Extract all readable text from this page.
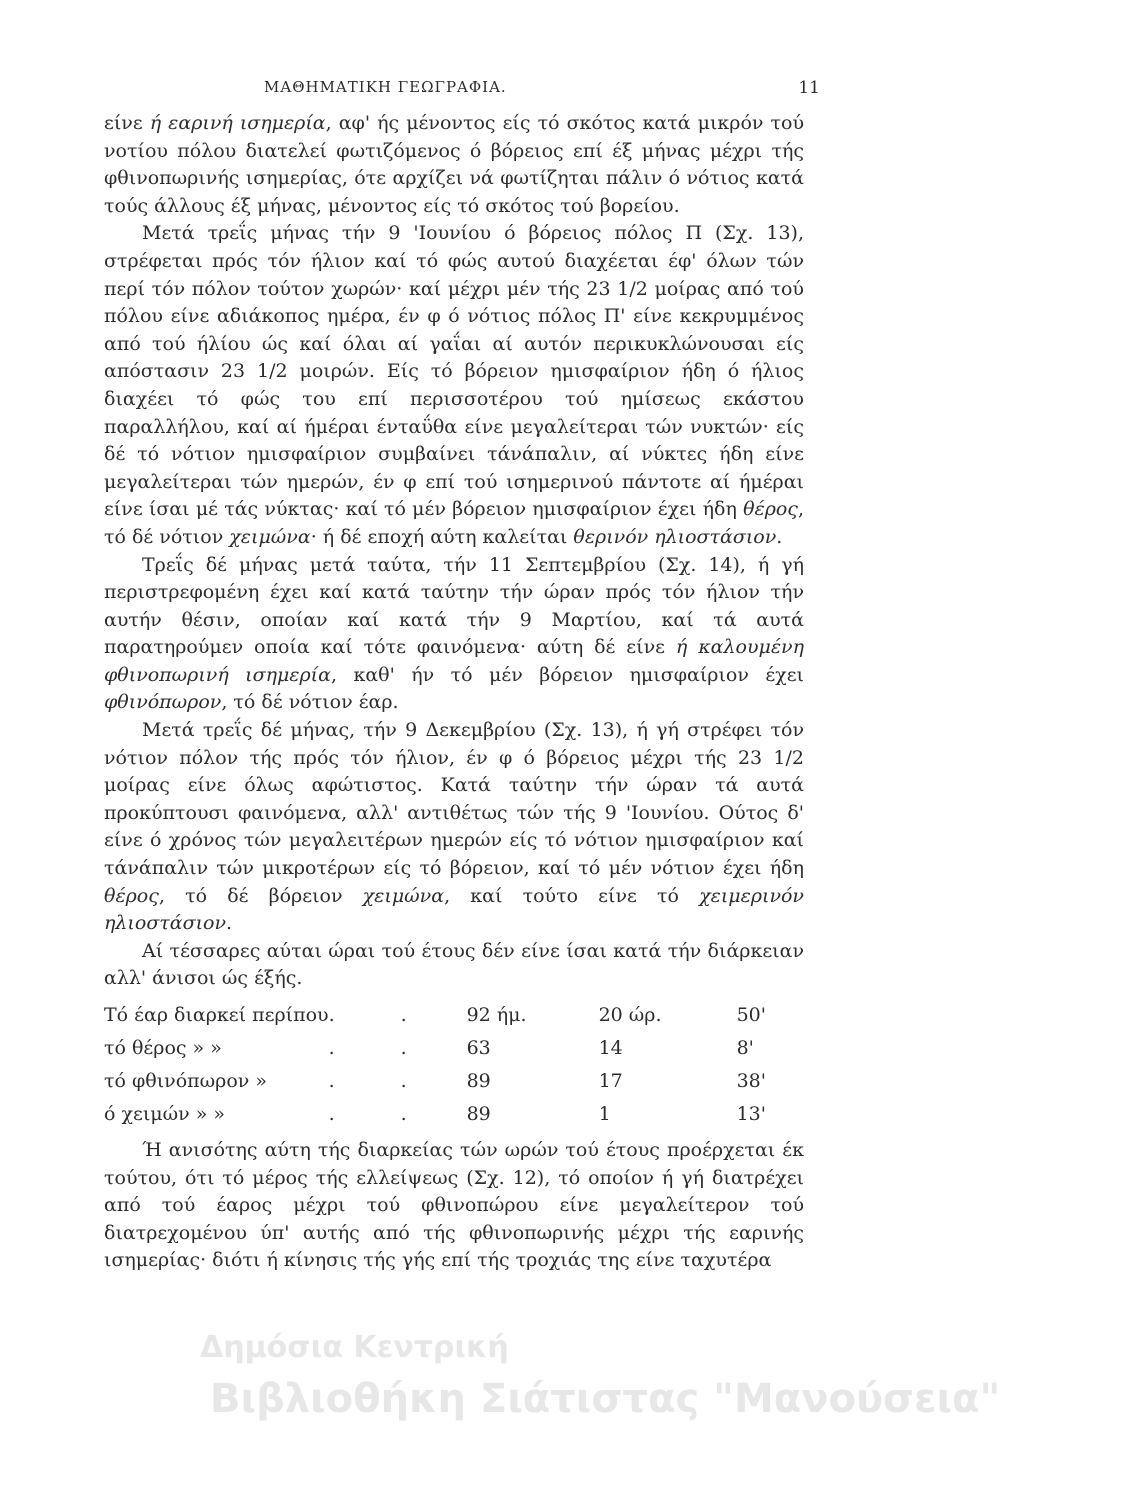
ΜΑΘΗΜΑΤΙΚΗ ΓΕΩΓΡΑΦΙΑ.	11

είνε ή εαρινή ισημερία, αφ' ής μένοντος είς τό σκότος κατά μικρόν τού νοτίου πόλου διατελεί φωτιζόμενος ό βόρειος επί έξ μήνας μέχρι τής φθινοπωρινής ισημερίας, ότε αρχίζει νά φωτίζηται πάλιν ό νότιος κατά τούς άλλους έξ μήνας, μένοντος είς τό σκότος τού βορείου.

Μετά τρεΐς μήνας τήν 9 'Ιουνίου ό βόρειος πόλος Π (Σχ. 13), στρέφεται πρός τόν ήλιον καί τό φώς αυτού διαχέεται έφ' όλων τών περί τόν πόλον τούτον χωρών· καί μέχρι μέν τής 23 1/2 μοίρας από τού πόλου είνε αδιάκοπος ημέρα, έν φ ό νότιος πόλος Π' είνε κεκρυμμένος από τού ήλίου ώς καί όλαι αί γαΐαι αί αυτόν περικυκλώνουσαι είς απόστασιν 23 1/2 μοιρών. Είς τό βόρειον ημισφαίριον ήδη ό ήλιος διαχέει τό φώς του επί περισσοτέρου τού ημίσεως εκάστου παραλλήλου, καί αί ήμέραι ένταΰθα είνε μεγαλείτεραι τών νυκτών· είς δέ τό νότιον ημισφαίριον συμβαίνει τάνάπαλιν, αί νύκτες ήδη είνε μεγαλείτεραι τών ημερών, έν φ επί τού ισημερινού πάντοτε αί ήμέραι είνε ίσαι μέ τάς νύκτας· καί τό μέν βόρειον ημισφαίριον έχει ήδη θέρος, τό δέ νότιον χειμώνα· ή δέ εποχή αύτη καλείται θερινόν ηλιοστάσιον.

Τρεΐς δέ μήνας μετά ταύτα, τήν 11 Σεπτεμβρίου (Σχ. 14), ή γή περιστρεφομένη έχει καί κατά ταύτην τήν ώραν πρός τόν ήλιον τήν αυτήν θέσιν, οποίαν καί κατά τήν 9 Μαρτίου, καί τά αυτά παρατηρούμεν οποία καί τότε φαινόμενα· αύτη δέ είνε ή καλουμένη φθινοπωρινή ισημερία, καθ' ήν τό μέν βόρειον ημισφαίριον έχει φθινόπωρον, τό δέ νότιον έαρ.

Μετά τρεΐς δέ μήνας, τήν 9 Δεκεμβρίου (Σχ. 13), ή γή στρέφει τόν νότιον πόλον τής πρός τόν ήλιον, έν φ ό βόρειος μέχρι τής 23 1/2 μοίρας είνε όλως αφώτιστος. Κατά ταύτην τήν ώραν τά αυτά προκύπτουσι φαινόμενα, αλλ' αντιθέτως τών τής 9 'Ιουνίου. Ούτος δ' είνε ό χρόνος τών μεγαλειτέρων ημερών είς τό νότιον ημισφαίριον καί τάνάπαλιν τών μικροτέρων είς τό βόρειον, καί τό μέν νότιον έχει ήδη θέρος, τό δέ βόρειον χειμώνα, καί τούτο είνε τό χειμερινόν ηλιοστάσιον.

Αί τέσσαρες αύται ώραι τού έτους δέν είνε ίσαι κατά τήν διάρκειαν αλλ' άνισοι ώς έξής.

Τό έαρ διαρκεί περίπου	.	.	92 ήμ.	20 ώρ.	50'
τό θέρος » »	.	.	63	14	8'
τό φθινόπωρον »	.	.	89	17	38'
ό χειμών » »	.	.	89	1	13'

Ή ανισότης αύτη τής διαρκείας τών ωρών τού έτους προέρχεται έκ τούτου, ότι τό μέρος τής ελλείψεως (Σχ. 12), τό οποίον ή γή διατρέχει από τού έαρος μέχρι τού φθινοπώρου είνε μεγαλείτερον τού διατρεχομένου ύπ' αυτής από τής φθινοπωρινής μέχρι τής εαρινής ισημερίας· διότι ή κίνησις τής γής επί τής τροχιάς της είνε ταχυτέρα

Δημόσια Κεντρική
Βιβλιοθήκη Σιάτιστας "Μανούσεια"
